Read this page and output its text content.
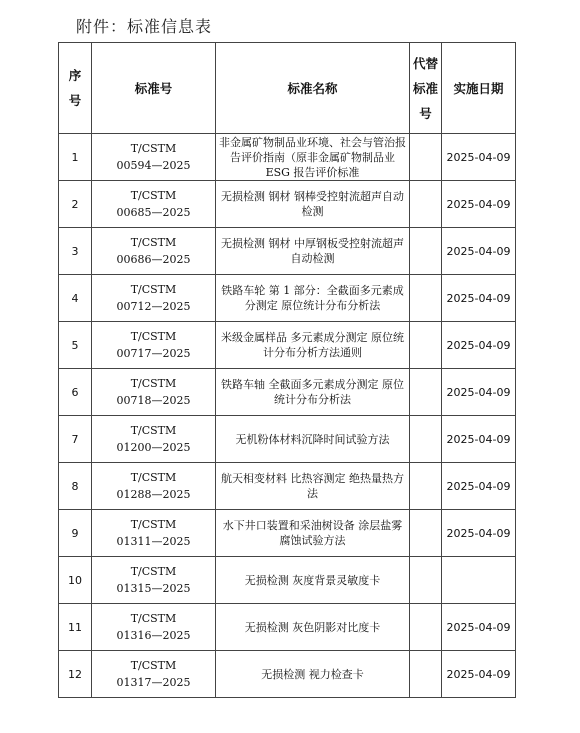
附件：标准信息表
序
号	标准号	标准名称	代替
标准
号	实施日期
1	T/CSTM
00594—2025	非金属矿物制品业环境、社会与管治报告评价指南（原非金属矿物制品业 ESG 报告评价标准		2025-04-09
2	T/CSTM
00685—2025	无损检测 钢材 钢棒受控射流超声自动检测		2025-04-09
3	T/CSTM
00686—2025	无损检测 钢材 中厚钢板受控射流超声自动检测		2025-04-09
4	T/CSTM
00712—2025	铁路车轮 第 1 部分：全截面多元素成分测定 原位统计分布分析法		2025-04-09
5	T/CSTM
00717—2025	米级金属样品 多元素成分测定 原位统计分布分析方法通则		2025-04-09
6	T/CSTM
00718—2025	铁路车轴 全截面多元素成分测定 原位统计分布分析法		2025-04-09
7	T/CSTM
01200—2025	无机粉体材料沉降时间试验方法		2025-04-09
8	T/CSTM
01288—2025	航天相变材料 比热容测定 绝热量热方法		2025-04-09
9	T/CSTM
01311—2025	水下井口装置和采油树设备 涂层盐雾腐蚀试验方法		2025-04-09
10	T/CSTM
01315—2025	无损检测 灰度背景灵敏度卡		
11	T/CSTM
01316—2025	无损检测 灰色阴影对比度卡		2025-04-09
12	T/CSTM
01317—2025	无损检测 视力检查卡		2025-04-09
